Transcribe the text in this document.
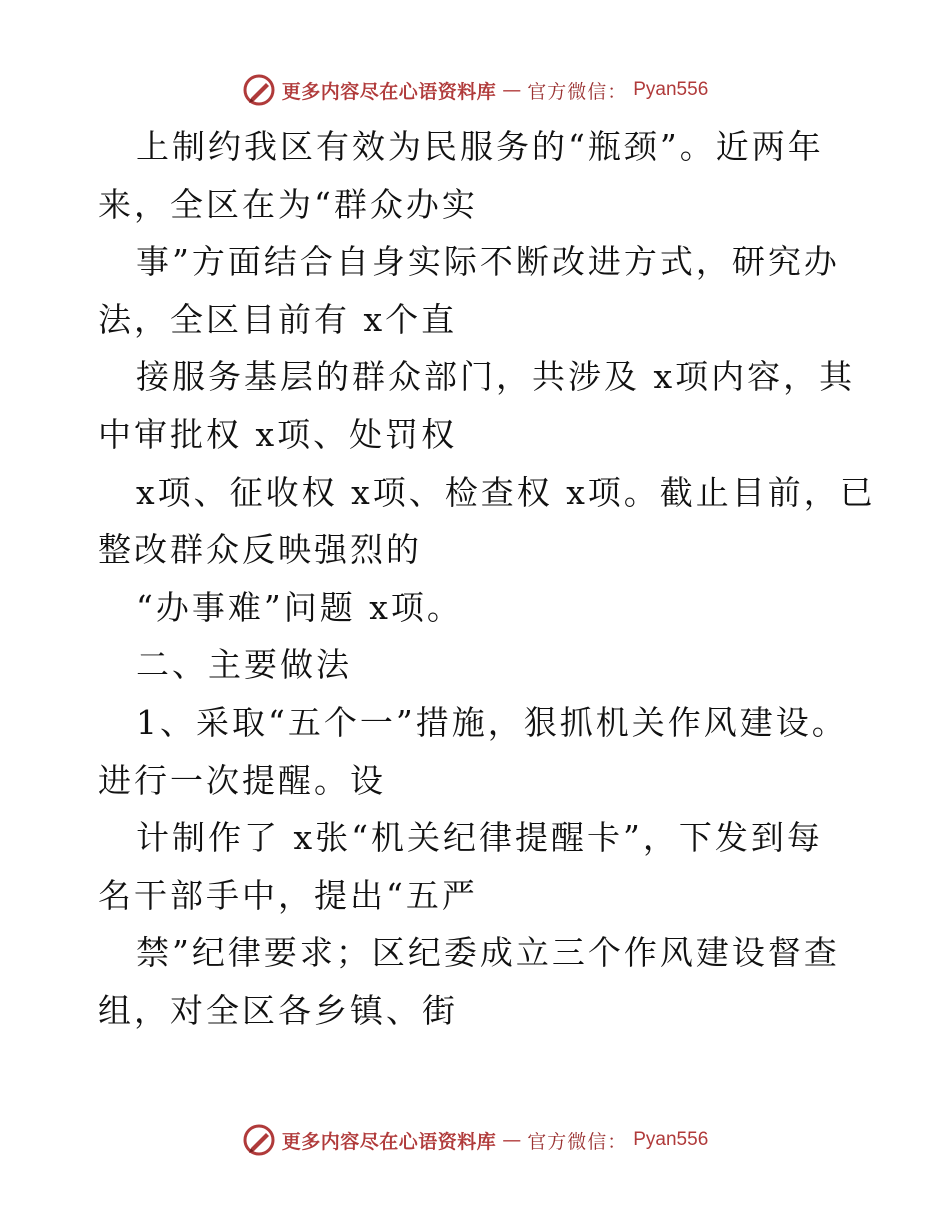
更多内容尽在心语资料库 — 官方微信： Pyan556
上制约我区有效为民服务的“瓶颈”。近两年
来，全区在为“群众办实
事”方面结合自身实际不断改进方式，研究办
法，全区目前有 x个直
接服务基层的群众部门，共涉及 x项内容，其
中审批权 x项、处罚权
x项、征收权 x项、检查权 x项。截止目前，已
整改群众反映强烈的
“办事难”问题 x项。
二、主要做法
1、采取“五个一”措施，狠抓机关作风建设。
进行一次提醒。设
计制作了 x张“机关纪律提醒卡”，下发到每
名干部手中，提出“五严
禁”纪律要求；区纪委成立三个作风建设督查
组，对全区各乡镇、街
更多内容尽在心语资料库 — 官方微信： Pyan556
